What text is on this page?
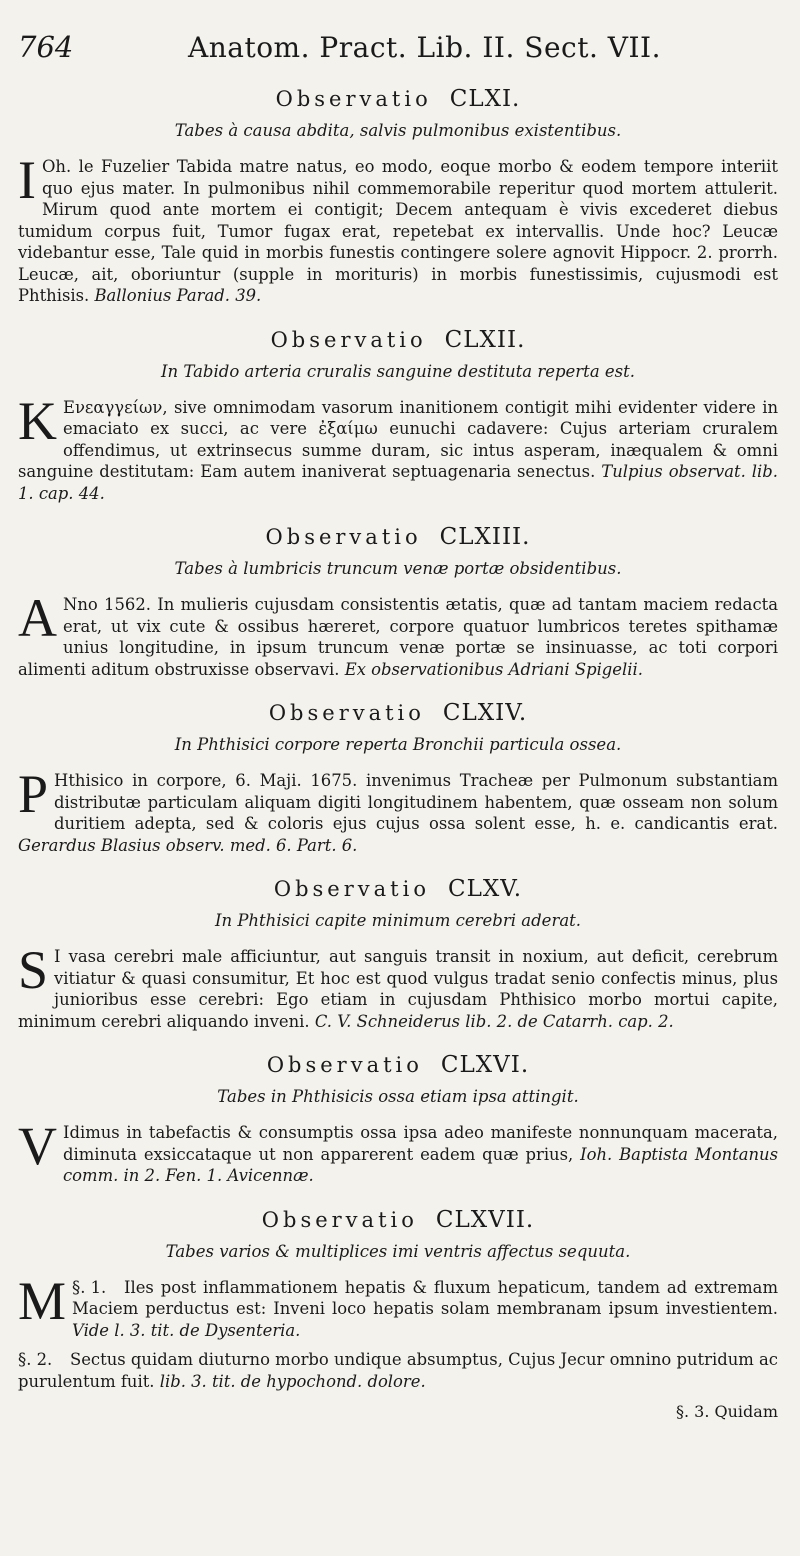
764	Anatom. Pract. Lib. II. Sect. VII.
Observatio CLXI.
Tabes à causa abdita, salvis pulmonibus existentibus.

I Oh. le Fuzelier Tabida matre natus, eo modo, eoque morbo & eodem tempore interiit quo ejus mater. In pulmonibus nihil commemorabile reperitur quod mortem attulerit. Mirum quod ante mortem ei contigit; Decem antequam è vivis excederet diebus tumidum corpus fuit, Tumor fugax erat, repetebat ex intervallis. Unde hoc? Leucæ videbantur esse, Tale quid in morbis funestis contingere solere agnovit Hippocr. 2. prorrh. Leucæ, ait, oboriuntur (supple in morituris) in morbis funestissimis, cujusmodi est Phthisis. Ballonius Parad. 39.

Observatio CLXII.
In Tabido arteria cruralis sanguine destituta reperta est.

K Ενεαγγείων, sive omnimodam vasorum inanitionem contigit mihi evidenter videre in emaciato ex succi, ac vere ἐξαίμω eunuchi cadavere: Cujus arteriam cruralem offendimus, ut extrinsecus summe duram, sic intus asperam, inæqualem & omni sanguine destitutam: Eam autem inaniverat septuagenaria senectus. Tulpius observat. lib. 1. cap. 44.

Observatio CLXIII.
Tabes à lumbricis truncum venæ portæ obsidentibus.

A Nno 1562. In mulieris cujusdam consistentis ætatis, quæ ad tantam maciem redacta erat, ut vix cute & ossibus hæreret, corpore quatuor lumbricos teretes spithamæ unius longitudine, in ipsum truncum venæ portæ se insinuasse, ac toti corpori alimenti aditum obstruxisse observavi. Ex observationibus Adriani Spigelii.

Observatio CLXIV.
In Phthisici corpore reperta Bronchii particula ossea.

P Hthisico in corpore, 6. Maji. 1675. invenimus Tracheæ per Pulmonum substantiam distributæ particulam aliquam digiti longitudinem habentem, quæ osseam non solum duritiem adepta, sed & coloris ejus cujus ossa solent esse, h. e. candicantis erat. Gerardus Blasius observ. med. 6. Part. 6.

Observatio CLXV.
In Phthisici capite minimum cerebri aderat.

S I vasa cerebri male afficiuntur, aut sanguis transit in noxium, aut deficit, cerebrum vitiatur & quasi consumitur, Et hoc est quod vulgus tradat senio confectis minus, plus junioribus esse cerebri: Ego etiam in cujusdam Phthisico morbo mortui capite, minimum cerebri aliquando inveni. C. V. Schneiderus lib. 2. de Catarrh. cap. 2.

Observatio CLXVI.
Tabes in Phthisicis ossa etiam ipsa attingit.

V Idimus in tabefactis & consumptis ossa ipsa adeo manifeste nonnunquam macerata, diminuta exsiccataque ut non apparerent eadem quæ prius, Ioh. Baptista Montanus comm. in 2. Fen. 1. Avicennæ.

Observatio CLXVII.
Tabes varios & multiplices imi ventris affectus sequuta.

§. 1.
M	Iles post inflammationem hepatis & fluxum hepaticum, tandem ad extremam Maciem perductus est: Inveni loco hepatis solam membranam ipsum investientem. Vide l. 3. tit. de Dysenteria.

§. 2. Sectus quidam diuturno morbo undique absumptus, Cujus Jecur omnino putridum ac purulentum fuit. lib. 3. tit. de hypochond. dolore.

§. 3. Quidam
